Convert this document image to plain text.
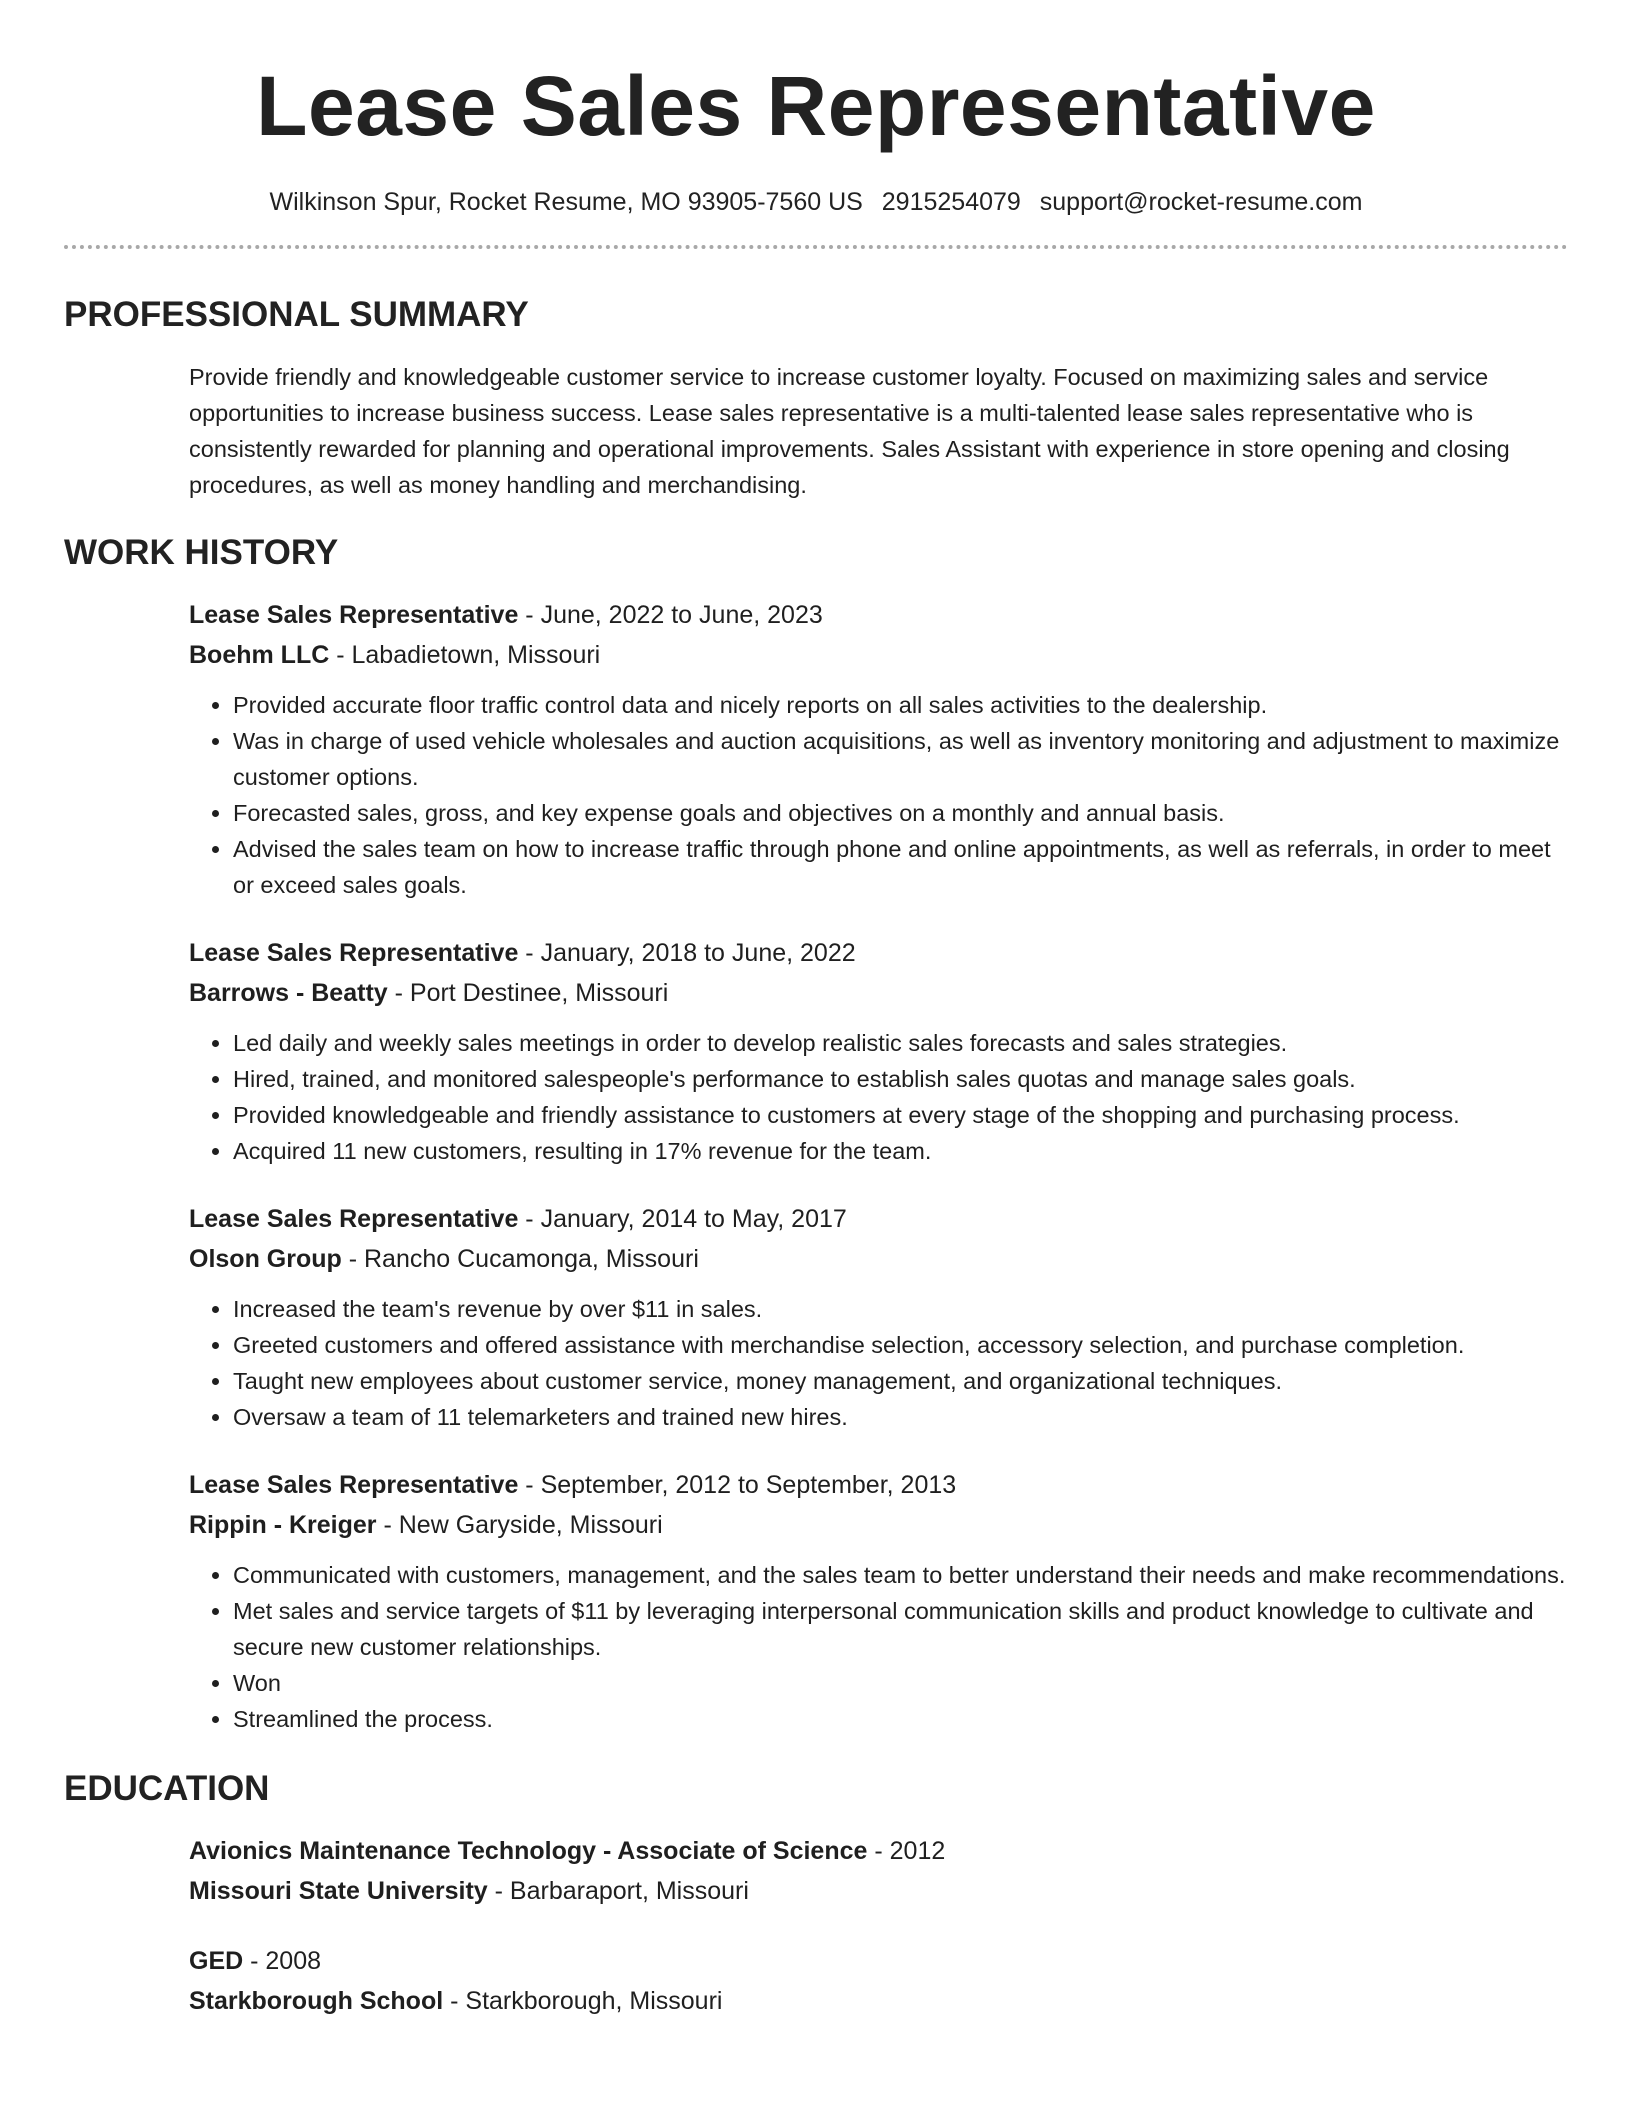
Lease Sales Representative
Wilkinson Spur, Rocket Resume, MO 93905-7560 US 2915254079 support@rocket-resume.com
PROFESSIONAL SUMMARY
Provide friendly and knowledgeable customer service to increase customer loyalty. Focused on maximizing sales and service opportunities to increase business success. Lease sales representative is a multi-talented lease sales representative who is consistently rewarded for planning and operational improvements. Sales Assistant with experience in store opening and closing procedures, as well as money handling and merchandising.
WORK HISTORY
Lease Sales Representative - June, 2022 to June, 2023
Boehm LLC - Labadietown, Missouri
• Provided accurate floor traffic control data and nicely reports on all sales activities to the dealership.
• Was in charge of used vehicle wholesales and auction acquisitions, as well as inventory monitoring and adjustment to maximize customer options.
• Forecasted sales, gross, and key expense goals and objectives on a monthly and annual basis.
• Advised the sales team on how to increase traffic through phone and online appointments, as well as referrals, in order to meet or exceed sales goals.
Lease Sales Representative - January, 2018 to June, 2022
Barrows - Beatty - Port Destinee, Missouri
• Led daily and weekly sales meetings in order to develop realistic sales forecasts and sales strategies.
• Hired, trained, and monitored salespeople's performance to establish sales quotas and manage sales goals.
• Provided knowledgeable and friendly assistance to customers at every stage of the shopping and purchasing process.
• Acquired 11 new customers, resulting in 17% revenue for the team.
Lease Sales Representative - January, 2014 to May, 2017
Olson Group - Rancho Cucamonga, Missouri
• Increased the team's revenue by over $11 in sales.
• Greeted customers and offered assistance with merchandise selection, accessory selection, and purchase completion.
• Taught new employees about customer service, money management, and organizational techniques.
• Oversaw a team of 11 telemarketers and trained new hires.
Lease Sales Representative - September, 2012 to September, 2013
Rippin - Kreiger - New Garyside, Missouri
• Communicated with customers, management, and the sales team to better understand their needs and make recommendations.
• Met sales and service targets of $11 by leveraging interpersonal communication skills and product knowledge to cultivate and secure new customer relationships.
• Won
• Streamlined the process.
EDUCATION
Avionics Maintenance Technology - Associate of Science - 2012
Missouri State University - Barbaraport, Missouri
GED - 2008
Starkborough School - Starkborough, Missouri
